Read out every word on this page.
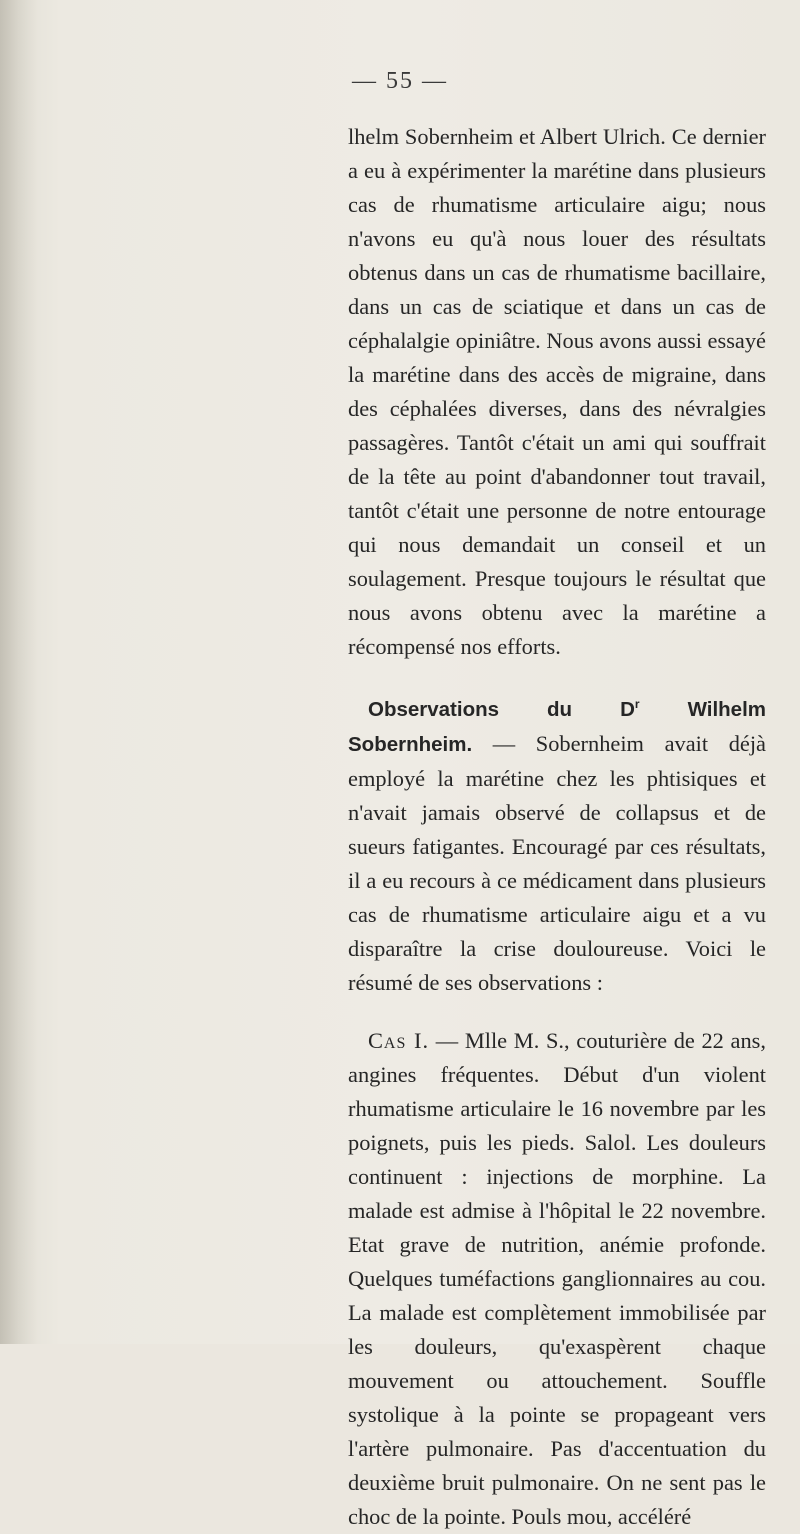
— 55 —

lhelm Sobernheim et Albert Ulrich. Ce dernier a eu à expérimenter la marétine dans plusieurs cas de rhumatisme articulaire aigu; nous n'avons eu qu'à nous louer des résultats obtenus dans un cas de rhumatisme bacillaire, dans un cas de sciatique et dans un cas de céphalalgie opiniâtre. Nous avons aussi essayé la marétine dans des accès de migraine, dans des céphalées diverses, dans des névralgies passagères. Tantôt c'était un ami qui souffrait de la tête au point d'abandonner tout travail, tantôt c'était une personne de notre entourage qui nous demandait un conseil et un soulagement. Presque toujours le résultat que nous avons obtenu avec la marétine a récompensé nos efforts.

Observations du $D^r$ Wilhelm Sobernheim. — Sobernheim avait déjà employé la marétine chez les phtisiques et n'avait jamais observé de collapsus et de sueurs fatigantes. Encouragé par ces résultats, il a eu recours à ce médicament dans plusieurs cas de rhumatisme articulaire aigu et a vu disparaître la crise douloureuse. Voici le résumé de ses observations :

Cas I. — Mlle M. S., couturière de 22 ans, angines fréquentes. Début d'un violent rhumatisme articulaire le 16 novembre par les poignets, puis les pieds. Salol. Les douleurs continuent : injections de morphine. La malade est admise à l'hôpital le 22 novembre. Etat grave de nutrition, anémie profonde. Quelques tuméfactions ganglionnaires au cou. La malade est complètement immobilisée par les douleurs, qu'exaspèrent chaque mouvement ou attouchement. Souffle systolique à la pointe se propageant vers l'artère pulmonaire. Pas d'accentuation du deuxième bruit pulmonaire. On ne sent pas le choc de la pointe. Pouls mou, accéléré
